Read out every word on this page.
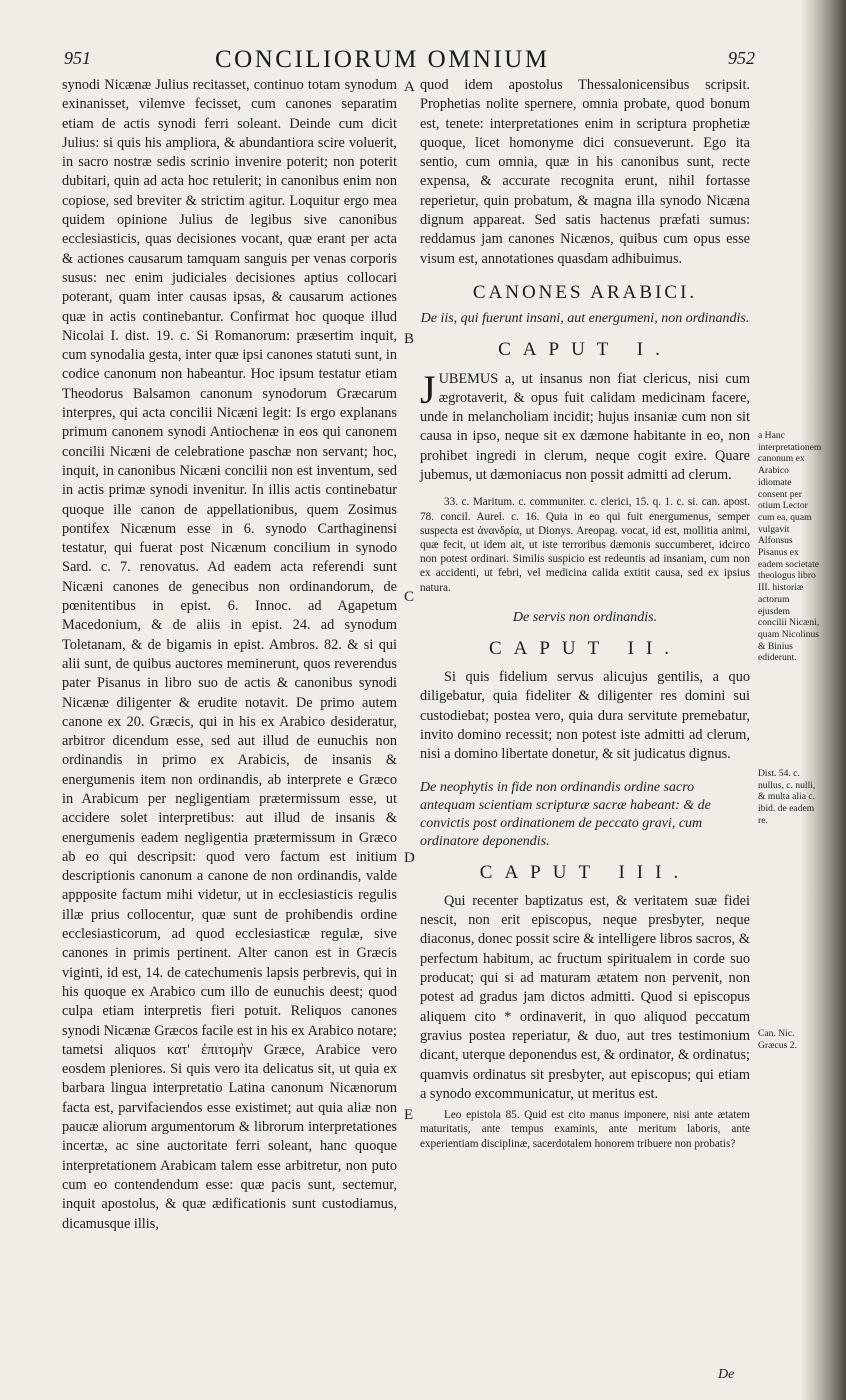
951	CONCILIORUM OMNIUM	952

synodi Nicænæ Julius recitasset, continuo totam synodum exinanisset, vilemve fecisset, cum canones separatim etiam de actis synodi ferri soleant. Deinde cum dicit Julius: si quis his ampliora, & abundantiora scire voluerit, in sacro nostræ sedis scrinio invenire poterit; non poterit dubitari, quin ad acta hoc retulerit; in canonibus enim non copiose, sed breviter & strictim agitur. Loquitur ergo mea quidem opinione Julius de legibus sive canonibus ecclesiasticis, quas decisiones vocant, quæ erant per acta & actiones causarum tamquam sanguis per venas corporis susus: nec enim judiciales decisiones aptius collocari poterant, quam inter causas ipsas, & causarum actiones quæ in actis continebantur. Confirmat hoc quoque illud Nicolai I. dist. 19. c. Si Romanorum: præsertim inquit, cum synodalia gesta, inter quæ ipsi canones statuti sunt, in codice canonum non habeantur. Hoc ipsum testatur etiam Theodorus Balsamon canonum synodorum Græcarum interpres, qui acta concilii Nicæni legit: Is ergo explanans primum canonem synodi Antiochenæ in eos qui canonem concilii Nicæni de celebratione paschæ non servant; hoc, inquit, in canonibus Nicæni concilii non est inventum, sed in actis primæ synodi invenitur. In illis actis continebatur quoque ille canon de appellationibus, quem Zosimus pontifex Nicænum esse in 6. synodo Carthaginensi testatur, qui fuerat post Nicænum concilium in synodo Sard. c. 7. renovatus. Ad eadem acta referendi sunt Nicæni canones de genecibus non ordinandorum, de pœnitentibus in epist. 6. Innoc. ad Agapetum Macedonium, & de aliis in epist. 24. ad synodum Toletanam, & de bigamis in epist. Ambros. 82. & si qui alii sunt, de quibus auctores meminerunt, quos reverendus pater Pisanus in libro suo de actis & canonibus synodi Nicænæ diligenter & erudite notavit. De primo autem canone ex 20. Græcis, qui in his ex Arabico desideratur, arbitror dicendum esse, sed aut illud de eunuchis non ordinandis in primo ex Arabicis, de insanis & energumenis item non ordinandis, ab interprete e Græco in Arabicum per negligentiam prætermissum esse, ut accidere solet interpretibus: aut illud de insanis & energumenis eadem negligentia prætermissum in Græco ab eo qui descripsit: quod vero factum est initium descriptionis canonum a canone de non ordinandis, valde appposite factum mihi videtur, ut in ecclesiasticis regulis illæ prius collocentur, quæ sunt de prohibendis ordine ecclesiasticorum, ad quod ecclesiasticæ regulæ, sive canones in primis pertinent. Alter canon est in Græcis viginti, id est, 14. de catechumenis lapsis perbrevis, qui in his quoque ex Arabico cum illo de eunuchis deest; quod culpa etiam interpretis fieri potuit. Reliquos canones synodi Nicænæ Græcos facile est in his ex Arabico notare; tametsi aliquos κατ' ἐπιτομὴν Græce, Arabice vero eosdem pleniores. Si quis vero ita delicatus sit, ut quia ex barbara lingua interpretatio Latina canonum Nicænorum facta est, parvifaciendos esse existimet; aut quia aliæ non paucæ aliorum argumentorum & librorum interpretationes incertæ, ac sine auctoritate ferri soleant, hanc quoque interpretationem Arabicam talem esse arbitretur, non puto cum eo contendendum esse: quæ pacis sunt, sectemur, inquit apostolus, & quæ ædificationis sunt custodiamus, dicamusque illis,

A
B
C
D
E

quod idem apostolus Thessalonicensibus scripsit. Prophetias nolite spernere, omnia probate, quod bonum est, tenete: interpretationes enim in scriptura prophetiæ quoque, licet homonyme dici consueverunt. Ego ita sentio, cum omnia, quæ in his canonibus sunt, recte expensa, & accurate recognita erunt, nihil fortasse reperietur, quin probatum, & magna illa synodo Nicæna dignum appareat. Sed satis hactenus præfati sumus: reddamus jam canones Nicænos, quibus cum opus esse visum est, annotationes quasdam adhibuimus.

CANONES ARABICI.
De iis, qui fuerunt insani, aut energumeni, non ordinandis.
CAPUT I.

JUBEMUS a, ut insanus non fiat clericus, nisi cum ægrotaverit, & opus fuit calidam medicinam facere, unde in melancholiam incidit; hujus insaniæ cum non sit causa in ipso, neque sit ex dæmone habitante in eo, non prohibet ingredi in clerum, neque cogit exire. Quare jubemus, ut dæmoniacus non possit admitti ad clerum.

33. c. Maritum. c. communiter. c. clerici, 15. q. 1. c. si. can. apost. 78. concil. Aurel. c. 16. Quia in eo qui fuit energumenus, semper suspecta est ἀνανδρία, ut Dionys. Areopag. vocat, id est, mollitia animi, quæ fecit, ut idem ait, ut iste terroribus dæmonis succumberet, idcirco non potest ordinari. Similis suspicio est redeuntis ad insaniam, cum non ex accidenti, ut febri, vel medicina calida extitit causa, sed ex ipsius natura.

De servis non ordinandis.
CAPUT II.

Si quis fidelium servus alicujus gentilis, a quo diligebatur, quia fideliter & diligenter res domini sui custodiebat; postea vero, quia dura servitute premebatur, invito domino recessit; non potest iste admitti ad clerum, nisi a domino libertate donetur, & sit judicatus dignus.

De neophytis in fide non ordinandis ordine sacro antequam scientiam scripturæ sacræ habeant: & de convictis post ordinationem de peccato gravi, cum ordinatore deponendis.
CAPUT III.

Qui recenter baptizatus est, & veritatem suæ fidei nescit, non erit episcopus, neque presbyter, neque diaconus, donec possit scire & intelligere libros sacros, & perfectum habitum, ac fructum spiritualem in corde suo producat; qui si ad maturam ætatem non pervenit, non potest ad gradus jam dictos admitti. Quod si episcopus aliquem cito * ordinaverit, in quo aliquod peccatum gravius postea reperiatur, & duo, aut tres testimonium dicant, uterque deponendus est, & ordinator, & ordinatus; quamvis ordinatus sit presbyter, aut episcopus; qui etiam a synodo excommunicatur, ut meritus est.

Leo epistola 85. Quid est cito manus imponere, nisi ante ætatem maturitatis, ante tempus examinis, ante meritum laboris, ante experientiam disciplinæ, sacerdotalem honorem tribuere non probatis?

a Hanc interpretationem canonum ex Arabico idiomate consent per otium Lector cum ea, quam vulgavit Alfonsus Pisanus ex eadem societate theologus libro III. historiæ actorum ejusdem concilii Nicæni, quam Nicolinus & Binius ediderunt.
Dist. 54. c. nullus, c. nulli, & multa alia c. ibid. de eadem re.
Can. Nic. Græcus 2.
De
